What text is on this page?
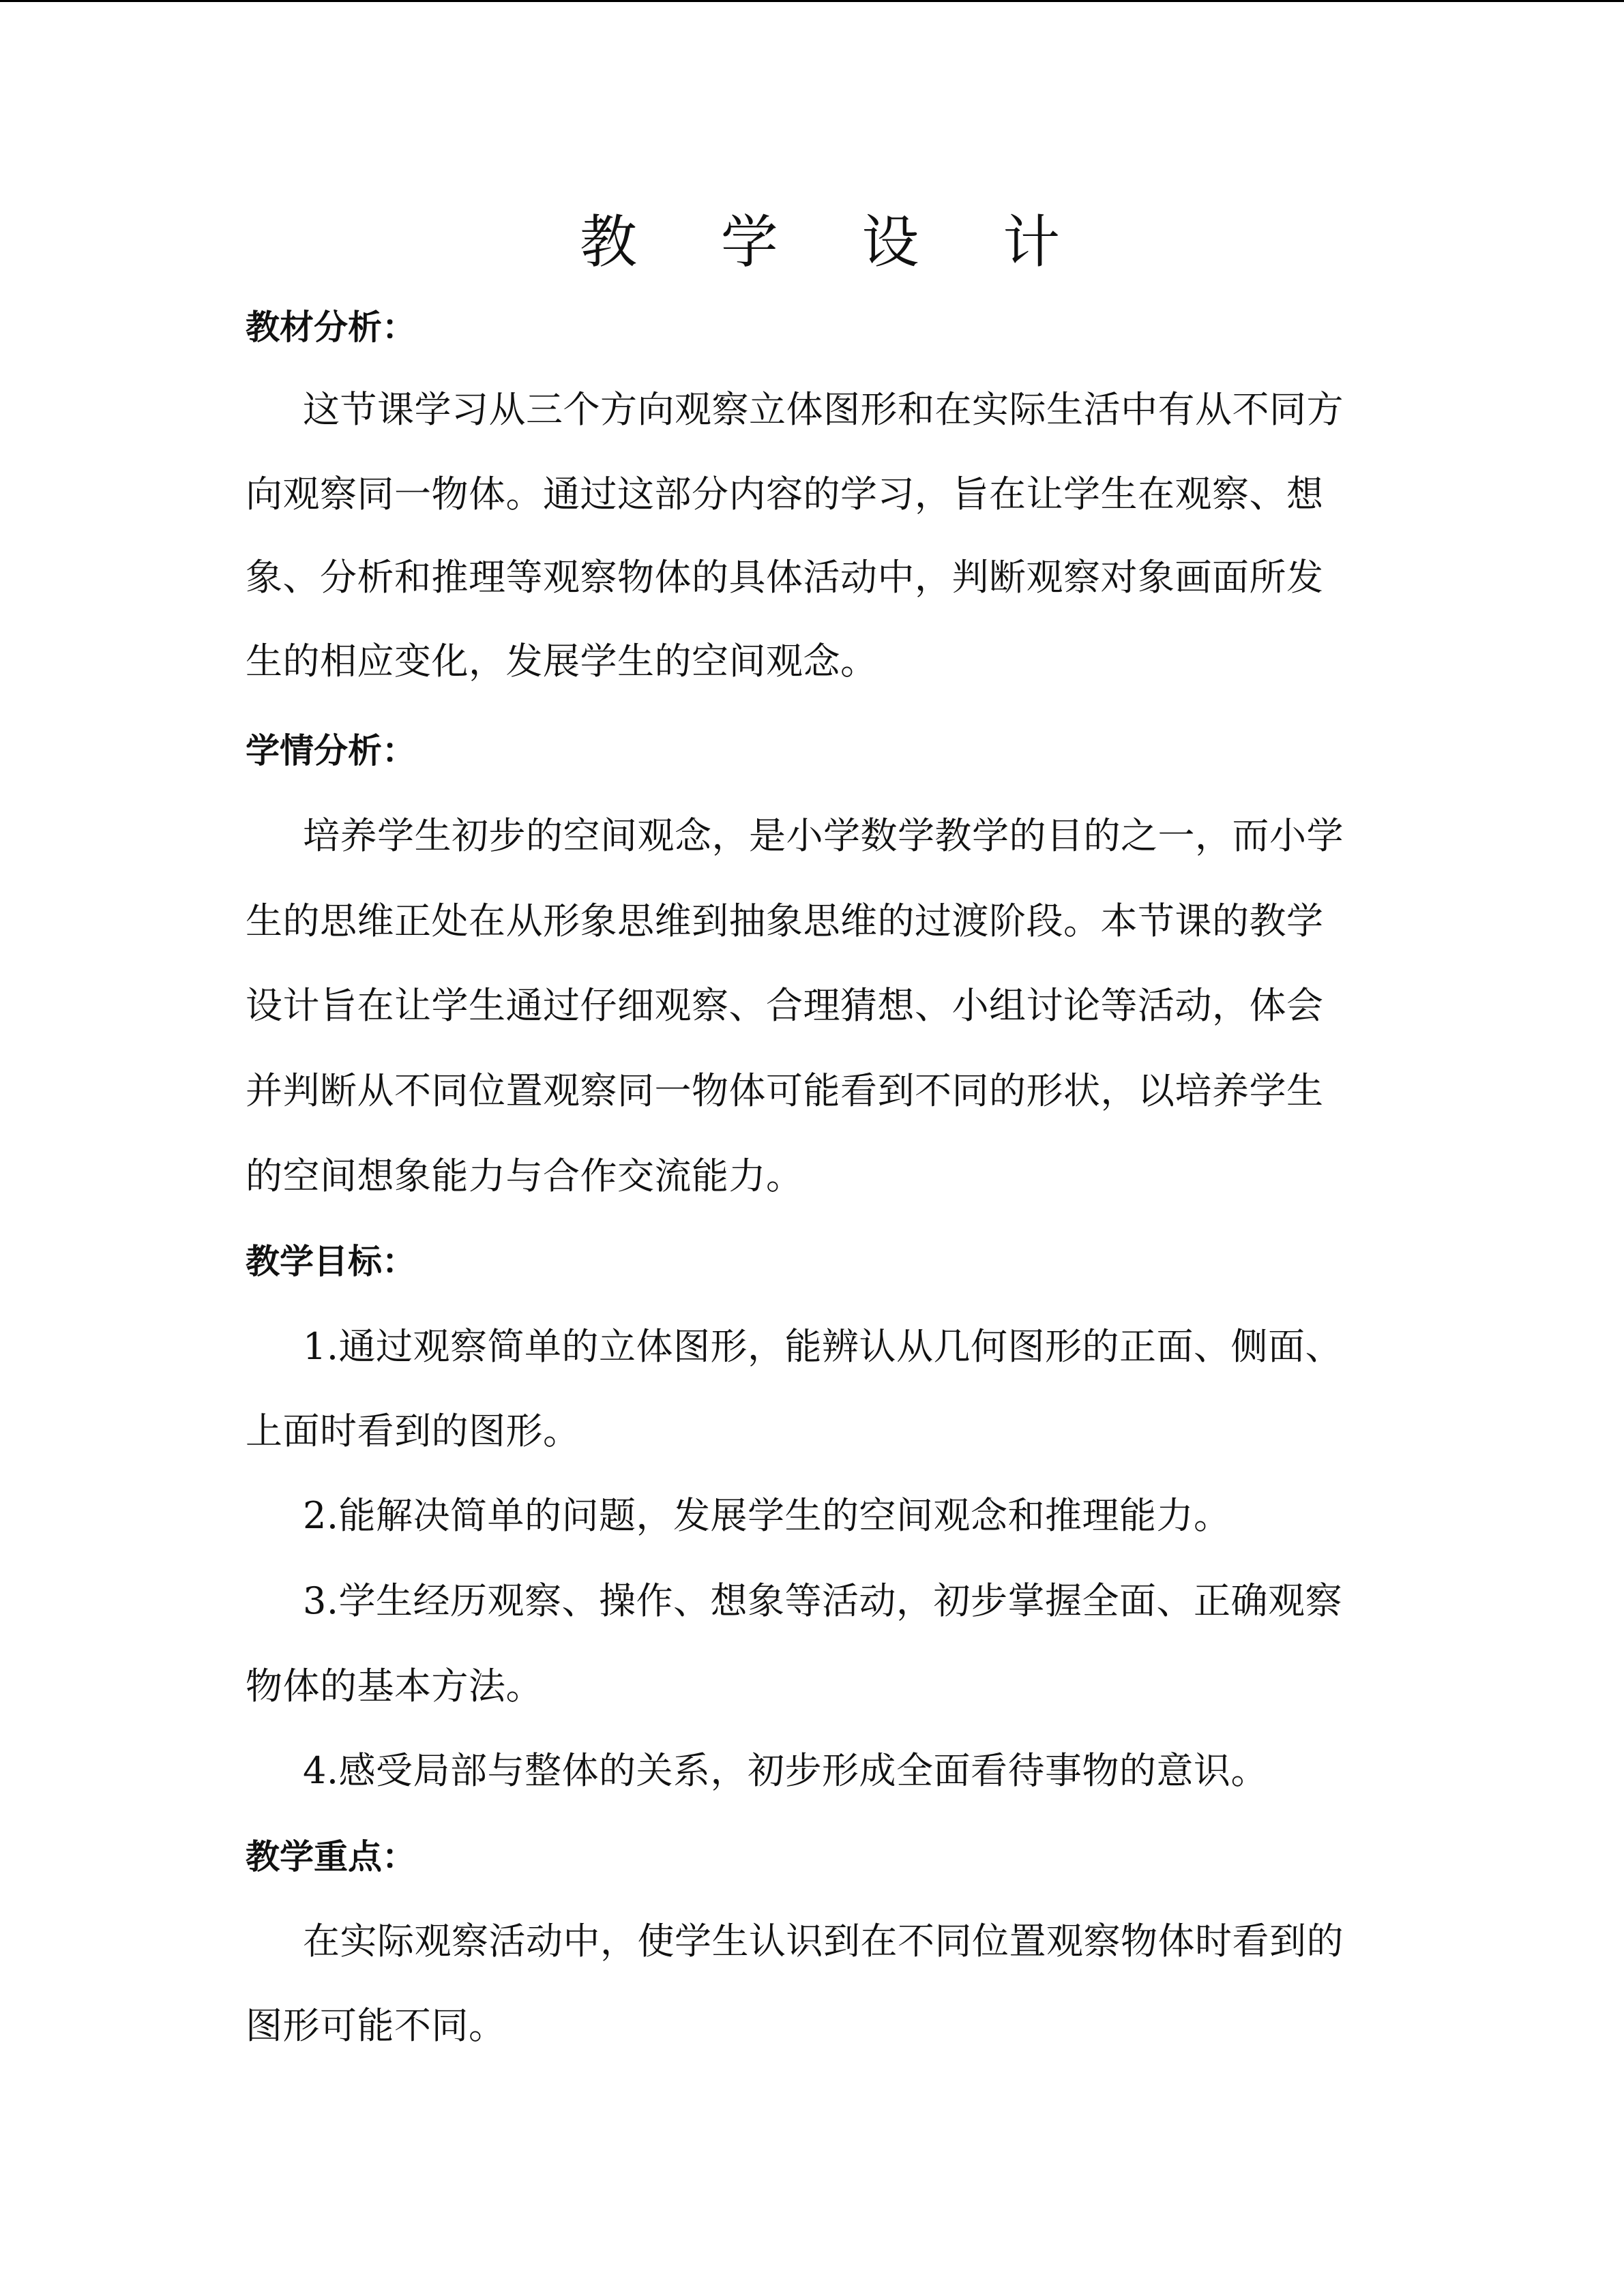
教 学 设 计
教材分析：
这节课学习从三个方向观察立体图形和在实际生活中有从不同方
向观察同一物体。通过这部分内容的学习，旨在让学生在观察、想
象、分析和推理等观察物体的具体活动中，判断观察对象画面所发
生的相应变化，发展学生的空间观念。
学情分析：
培养学生初步的空间观念，是小学数学教学的目的之一，而小学
生的思维正处在从形象思维到抽象思维的过渡阶段。本节课的教学
设计旨在让学生通过仔细观察、合理猜想、小组讨论等活动，体会
并判断从不同位置观察同一物体可能看到不同的形状，以培养学生
的空间想象能力与合作交流能力。
教学目标：
1.通过观察简单的立体图形，能辨认从几何图形的正面、侧面、
上面时看到的图形。
2.能解决简单的问题，发展学生的空间观念和推理能力。
3.学生经历观察、操作、想象等活动，初步掌握全面、正确观察
物体的基本方法。
4.感受局部与整体的关系，初步形成全面看待事物的意识。
教学重点：
在实际观察活动中，使学生认识到在不同位置观察物体时看到的
图形可能不同。
